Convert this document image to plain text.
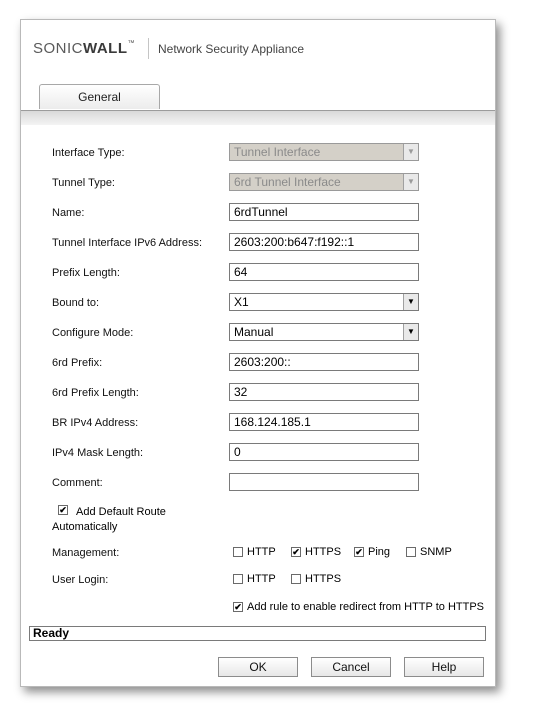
SONICWALL™ Network Security Appliance
General
Interface Type:	Tunnel Interface	▼
Tunnel Type:	6rd Tunnel Interface	▼
Name:	6rdTunnel
Tunnel Interface IPv6 Address:	2603:200:b647:f192::1
Prefix Length:	64
Bound to:	X1	▼
Configure Mode:	Manual	▼
6rd Prefix:	2603:200::
6rd Prefix Length:	32
BR IPv4 Address:	168.124.185.1
IPv4 Mask Length:	0
Comment:
✔ Add Default Route
Automatically
Management:	HTTP ✔ HTTPS ✔ Ping	SNMP
User Login:	HTTP	HTTPS
✔ Add rule to enable redirect from HTTP to HTTPS
Ready
OK	Cancel	Help
